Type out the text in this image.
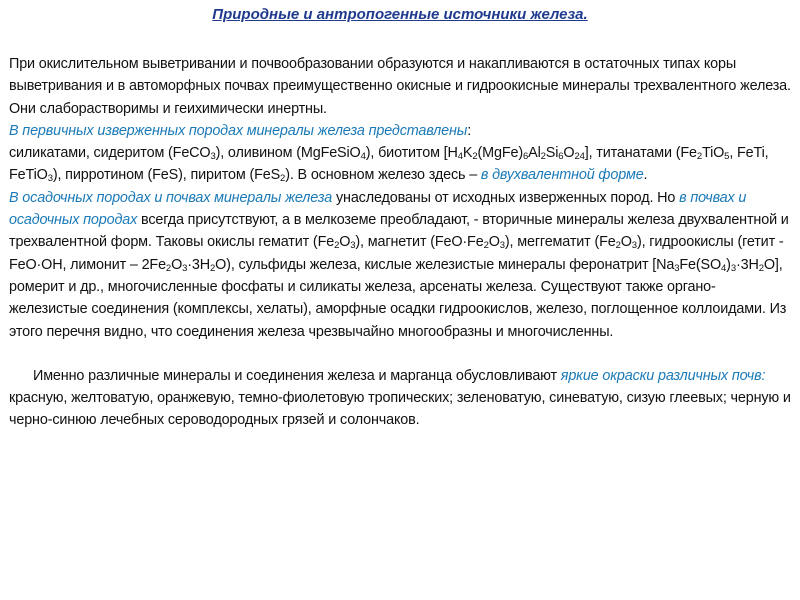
Природные и антропогенные источники железа.

При окислительном выветривании и почвообразовании образуются и накапливаются в остаточных типах коры выветривания и в автоморфных почвах преимущественно окисные и гидроокисные минералы трехвалентного железа. Они слаборастворимы и геихимически инертны.

В первичных изверженных породах минералы железа представлены:
силикатами, сидеритом (FeCO$_3$), оливином (MgFeSiO$_4$), биотитом $[H_4K_2(MgFe)_6Al_2Si_6O_{24}]$, титанатами ($Fe_2TiO_5$, FeTi, FeTiO$_3$), пирротином (FeS), пиритом (FeS$_2$). В основном железо здесь – в двухвалентной форме.

В осадочных породах и почвах минералы железа унаследованы от исходных изверженных пород. Но в почвах и осадочных породах всегда присутствуют, а в мелкоземе преобладают, - вторичные минералы железа двухвалентной и трехвалентной форм. Таковы окислы гематит $(Fe_2O_3)$, магнетит $(FeO\cdot Fe_2O_3)$, меггематит $(Fe_2O_3)$, гидроокислы (гетит - FeO·OH, лимонит – $2Fe_2O_3\cdot 3H_2O$), сульфиды железа, кислые железистые минералы феронатрит $[Na_3Fe(SO_4)_3\cdot 3H_2O]$, ромерит и др., многочисленные фосфаты и силикаты железа, арсенаты железа. Существуют также органо-железистые соединения (комплексы, хелаты), аморфные осадки гидроокислов, железо, поглощенное коллоидами. Из этого перечня видно, что соединения железа чрезвычайно многообразны и многочисленны.

Именно различные минералы и соединения железа и марганца обусловливают яркие окраски различных почв: красную, желтоватую, оранжевую, темно-фиолетовую тропических; зеленоватую, синеватую, сизую глеевых; черную и черно-синюю лечебных сероводородных грязей и солончаков.
